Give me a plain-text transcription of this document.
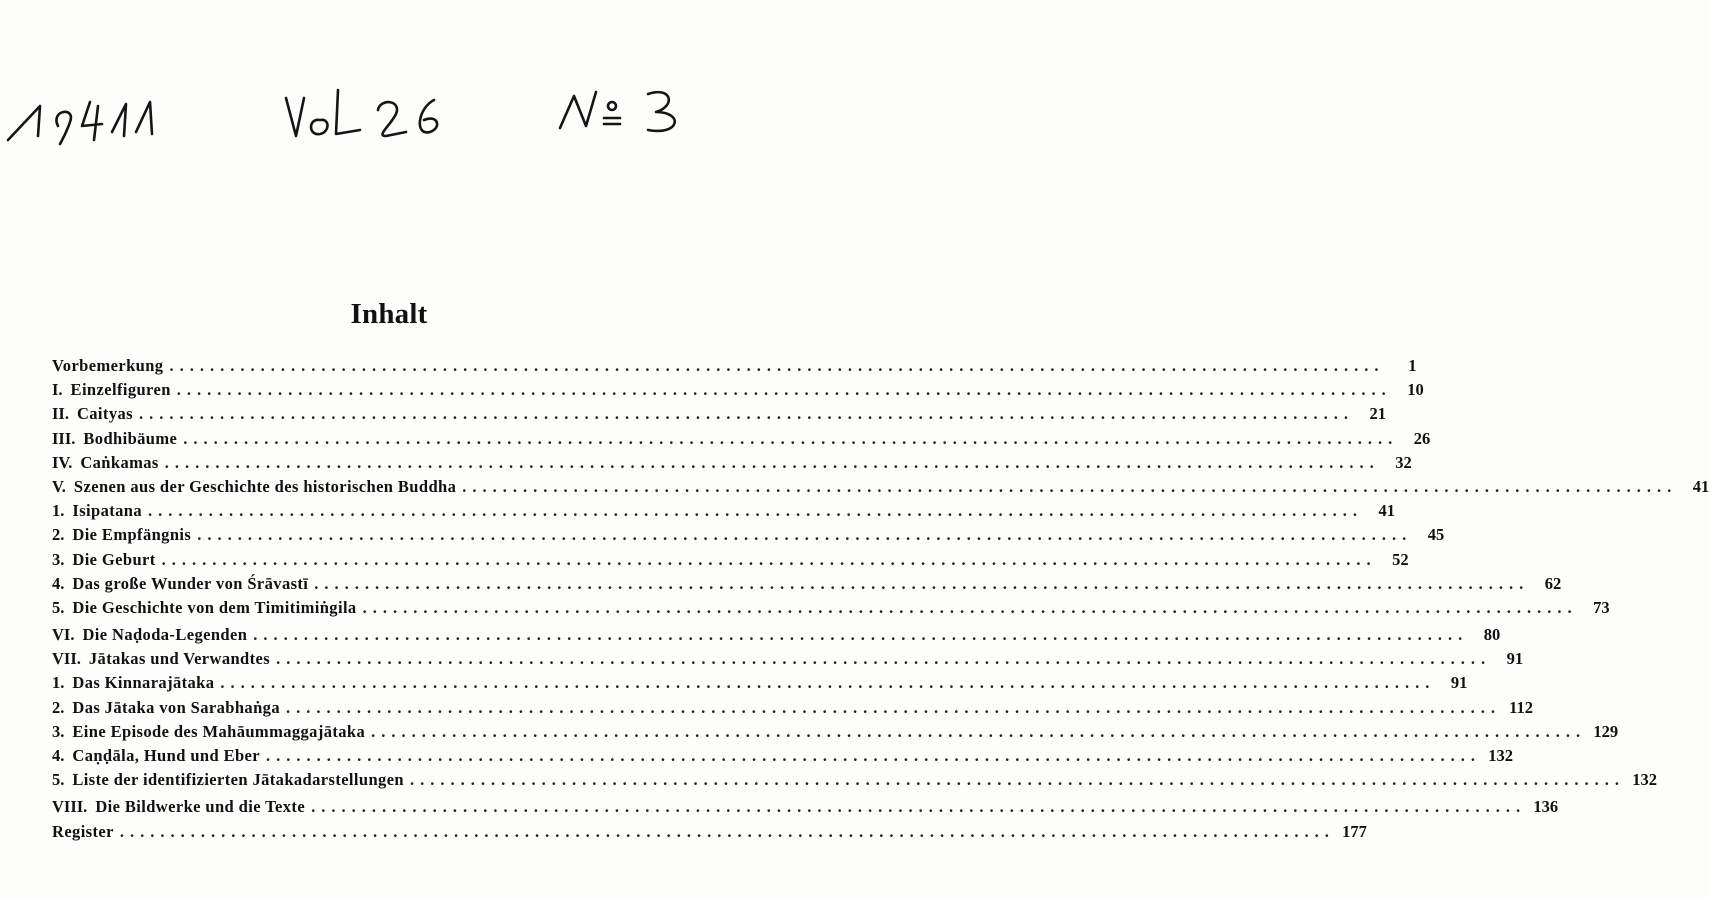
Inhalt
Vorbemerkung ........................................................................................................................	1
I. Einzelfiguren ........................................................................................................................ 10
II. Caityas ........................................................................................................................ 21
III. Bodhibäume ........................................................................................................................ 26
IV. Caṅkamas ........................................................................................................................ 32
V. Szenen aus der Geschichte des historischen Buddha ........................................................................................................................ 41
1. Isipatana ........................................................................................................................ 41
2. Die Empfängnis ........................................................................................................................ 45
3. Die Geburt ........................................................................................................................ 52
4. Das große Wunder von Śrāvastī ........................................................................................................................ 62
5. Die Geschichte von dem Timitimiṅgila ........................................................................................................................ 73
VI. Die Naḍoda-Legenden ........................................................................................................................ 80
VII. Jātakas und Verwandtes ........................................................................................................................ 91
1. Das Kinnarajātaka ........................................................................................................................ 91
2. Das Jātaka von Sarabhaṅga ........................................................................................................................ 112
3. Eine Episode des Mahāummaggajātaka ........................................................................................................................ 129
4. Caṇḍāla, Hund und Eber ........................................................................................................................ 132
5. Liste der identifizierten Jātakadarstellungen ........................................................................................................................ 132
VIII. Die Bildwerke und die Texte ........................................................................................................................ 136
Register ........................................................................................................................ 177
